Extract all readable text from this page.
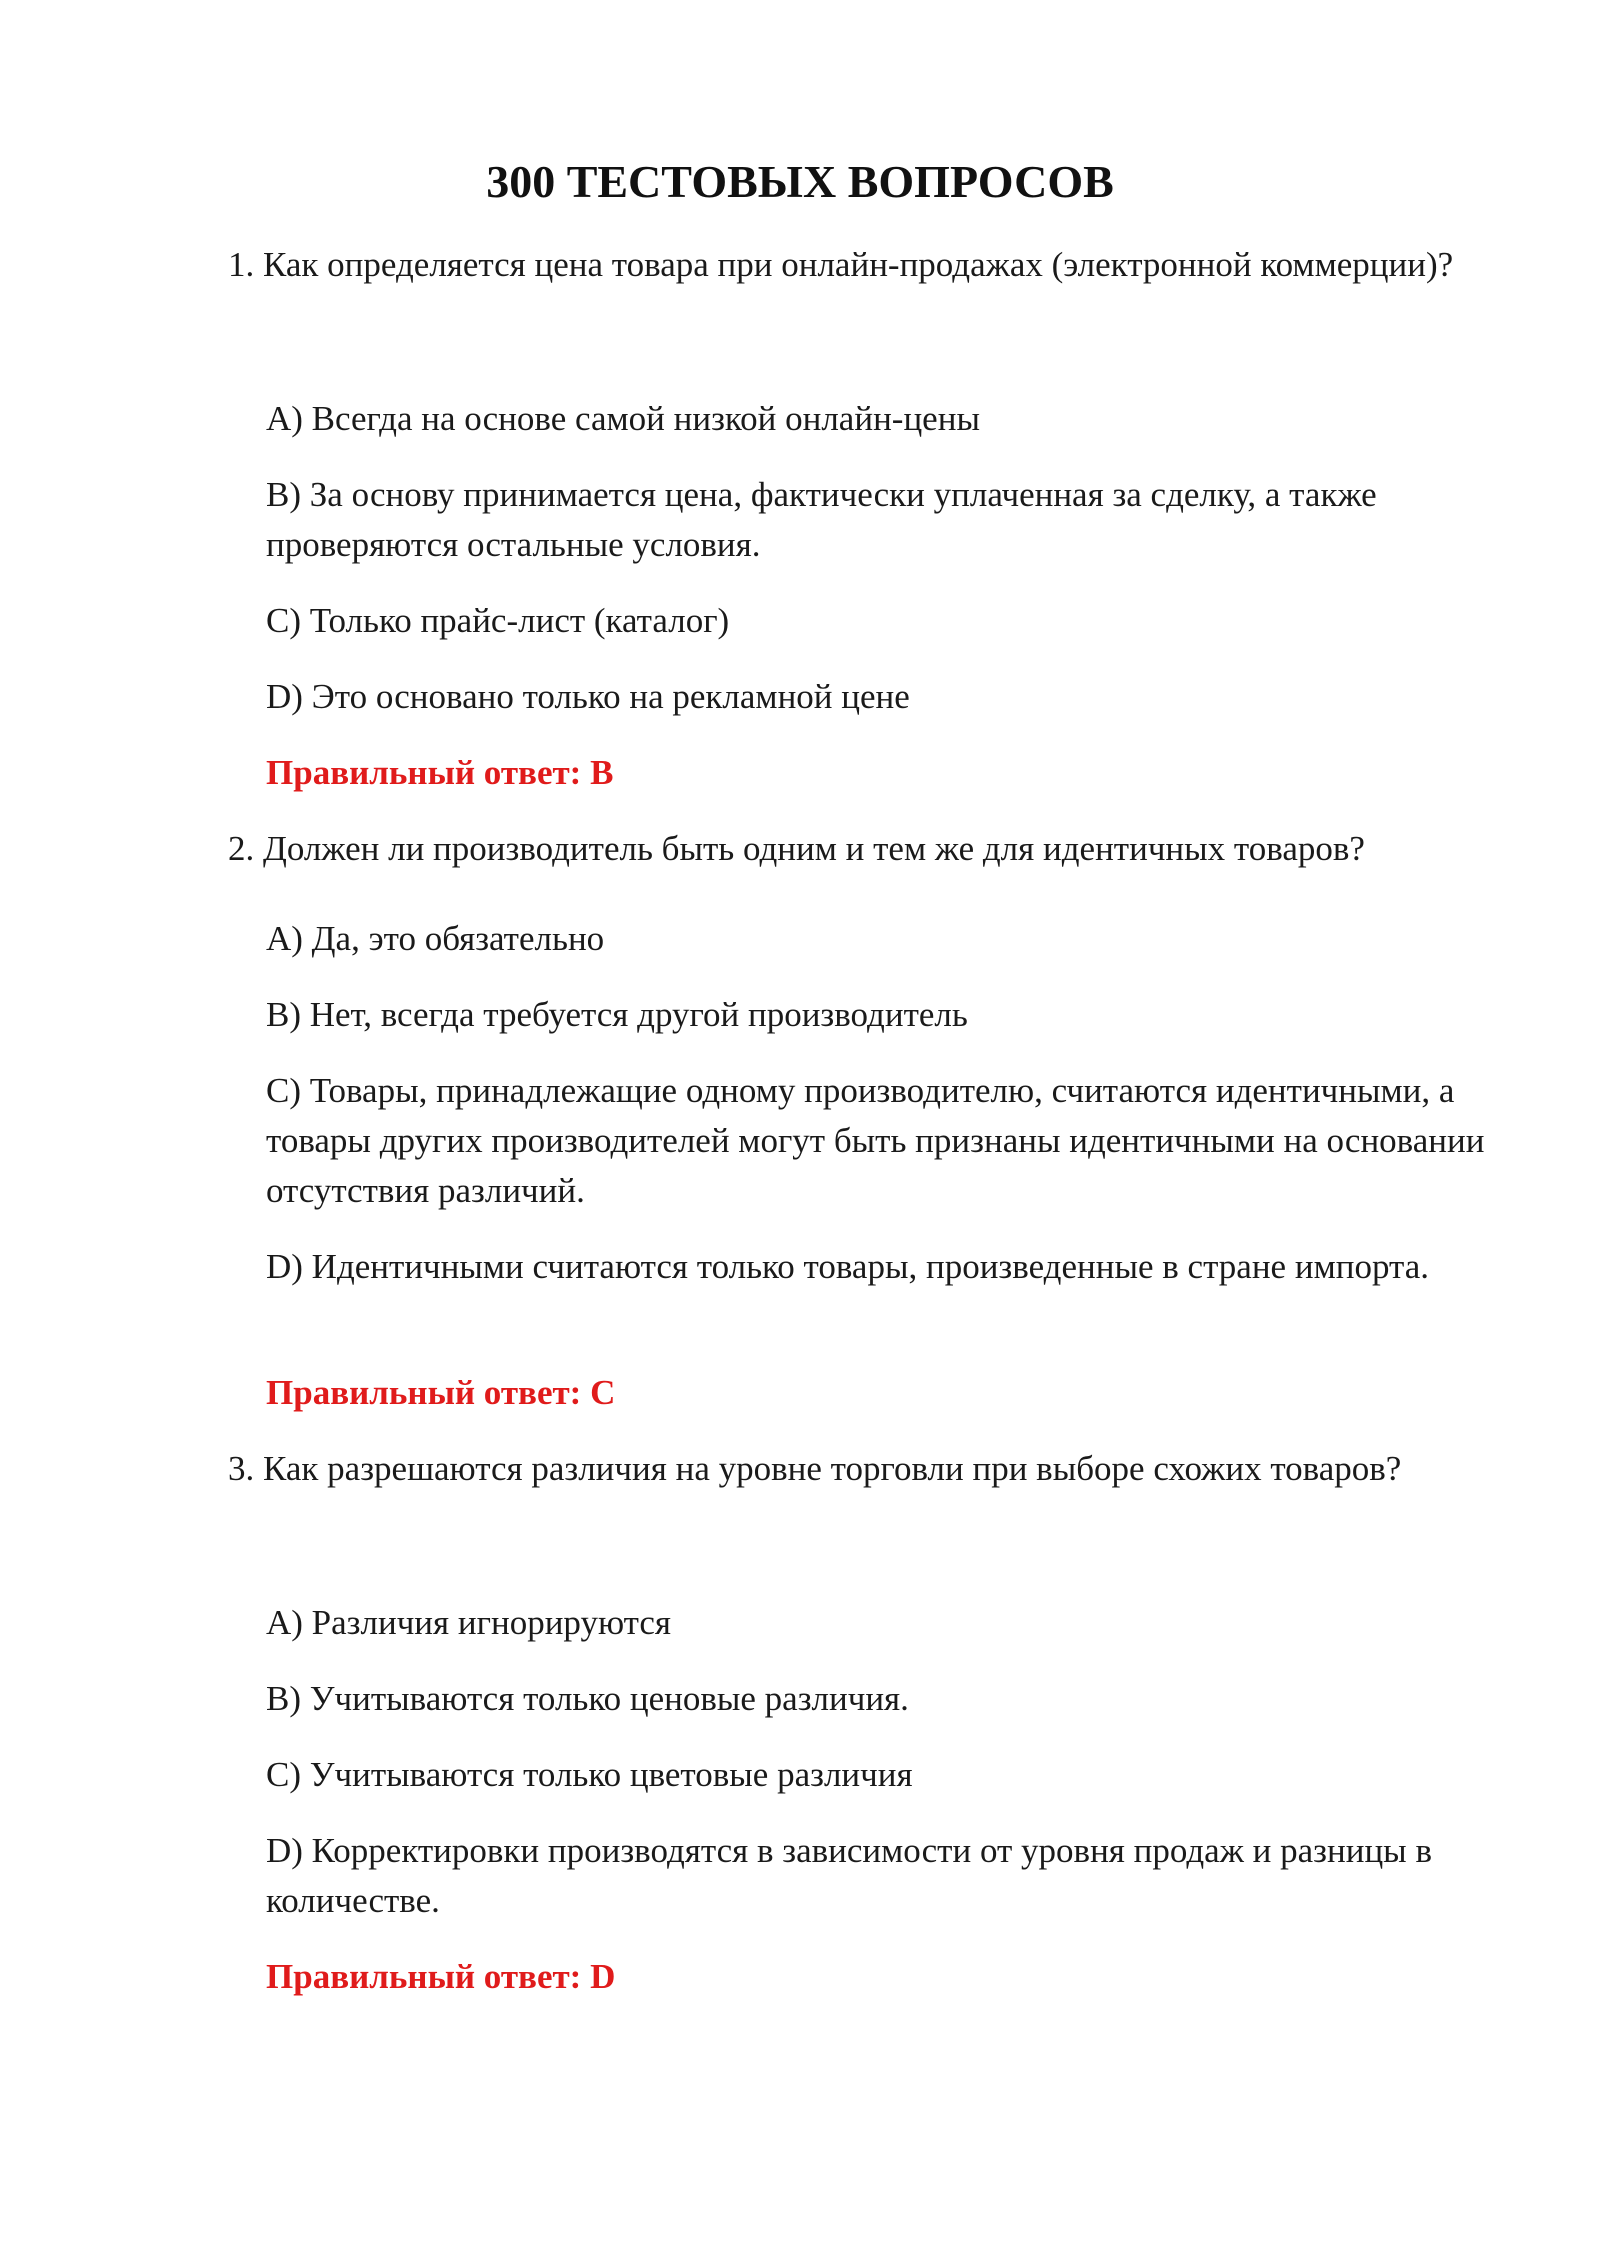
300 ТЕСТОВЫХ ВОПРОСОВ

1. Как определяется цена товара при онлайн-продажах (электронной коммерции)?

A) Всегда на основе самой низкой онлайн-цены

B) За основу принимается цена, фактически уплаченная за сделку, а также проверяются остальные условия.

C) Только прайс-лист (каталог)

D) Это основано только на рекламной цене

Правильный ответ: B

2. Должен ли производитель быть одним и тем же для идентичных товаров?

A) Да, это обязательно

B) Нет, всегда требуется другой производитель

C) Товары, принадлежащие одному производителю, считаются идентичными, а товары других производителей могут быть признаны идентичными на основании отсутствия различий.

D) Идентичными считаются только товары, произведенные в стране импорта.

Правильный ответ: C

3. Как разрешаются различия на уровне торговли при выборе схожих товаров?

A) Различия игнорируются

B) Учитываются только ценовые различия.

C) Учитываются только цветовые различия

D) Корректировки производятся в зависимости от уровня продаж и разницы в количестве.

Правильный ответ: D
